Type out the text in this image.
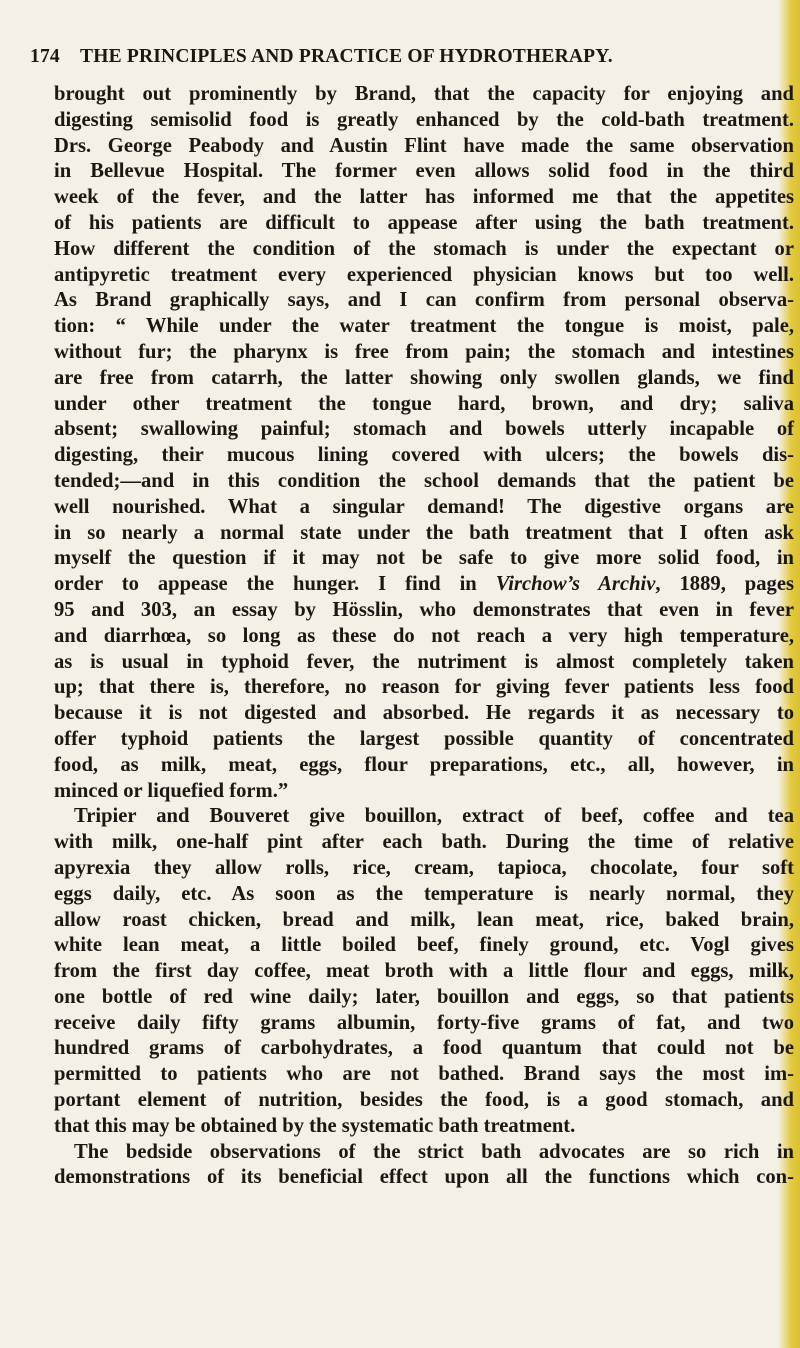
174 THE PRINCIPLES AND PRACTICE OF HYDROTHERAPY.
brought out prominently by Brand, that the capacity for enjoying and
digesting semisolid food is greatly enhanced by the cold-bath treatment.
Drs. George Peabody and Austin Flint have made the same observation
in Bellevue Hospital. The former even allows solid food in the third
week of the fever, and the latter has informed me that the appetites
of his patients are difficult to appease after using the bath treatment.
How different the condition of the stomach is under the expectant or
antipyretic treatment every experienced physician knows but too well.
As Brand graphically says, and I can confirm from personal observa-
tion: “ While under the water treatment the tongue is moist, pale,
without fur; the pharynx is free from pain; the stomach and intestines
are free from catarrh, the latter showing only swollen glands, we find
under other treatment the tongue hard, brown, and dry; saliva
absent; swallowing painful; stomach and bowels utterly incapable of
digesting, their mucous lining covered with ulcers; the bowels dis-
tended;—and in this condition the school demands that the patient be
well nourished. What a singular demand! The digestive organs are
in so nearly a normal state under the bath treatment that I often ask
myself the question if it may not be safe to give more solid food, in
order to appease the hunger. I find in Virchow’s Archiv, 1889, pages
95 and 303, an essay by Hösslin, who demonstrates that even in fever
and diarrhœa, so long as these do not reach a very high temperature,
as is usual in typhoid fever, the nutriment is almost completely taken
up; that there is, therefore, no reason for giving fever patients less food
because it is not digested and absorbed. He regards it as necessary to
offer typhoid patients the largest possible quantity of concentrated
food, as milk, meat, eggs, flour preparations, etc., all, however, in
minced or liquefied form.”
Tripier and Bouveret give bouillon, extract of beef, coffee and tea
with milk, one-half pint after each bath. During the time of relative
apyrexia they allow rolls, rice, cream, tapioca, chocolate, four soft
eggs daily, etc. As soon as the temperature is nearly normal, they
allow roast chicken, bread and milk, lean meat, rice, baked brain,
white lean meat, a little boiled beef, finely ground, etc. Vogl gives
from the first day coffee, meat broth with a little flour and eggs, milk,
one bottle of red wine daily; later, bouillon and eggs, so that patients
receive daily fifty grams albumin, forty-five grams of fat, and two
hundred grams of carbohydrates, a food quantum that could not be
permitted to patients who are not bathed. Brand says the most im-
portant element of nutrition, besides the food, is a good stomach, and
that this may be obtained by the systematic bath treatment.
The bedside observations of the strict bath advocates are so rich in
demonstrations of its beneficial effect upon all the functions which con-
